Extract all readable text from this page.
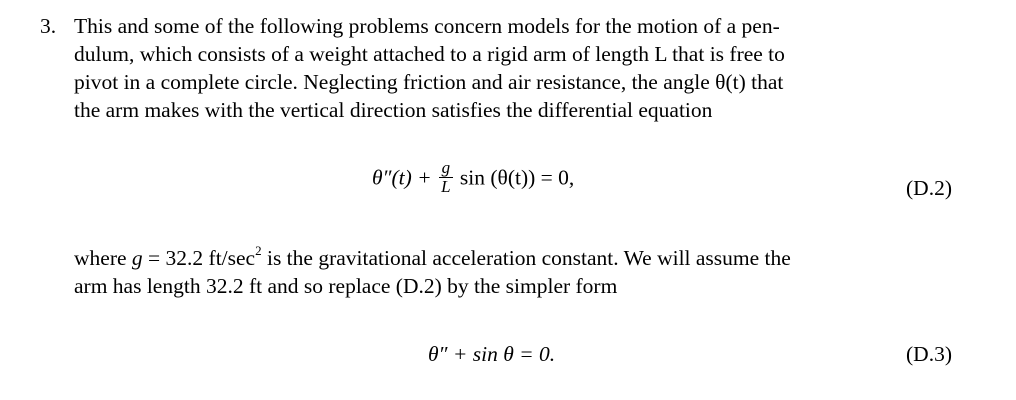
3. This and some of the following problems concern models for the motion of a pen-
dulum, which consists of a weight attached to a rigid arm of length L that is free to
pivot in a complete circle. Neglecting friction and air resistance, the angle θ(t) that
the arm makes with the vertical direction satisfies the differential equation
$\theta''(t) + \frac{g}{L}$ sin (θ(t)) = 0,	(D.2)
where g = 32.2 $ft/\sec^2$ is the gravitational acceleration constant. We will assume the
arm has length 32.2 ft and so replace (D.2) by the simpler form
θ″ + sin θ = 0.	(D.3)
